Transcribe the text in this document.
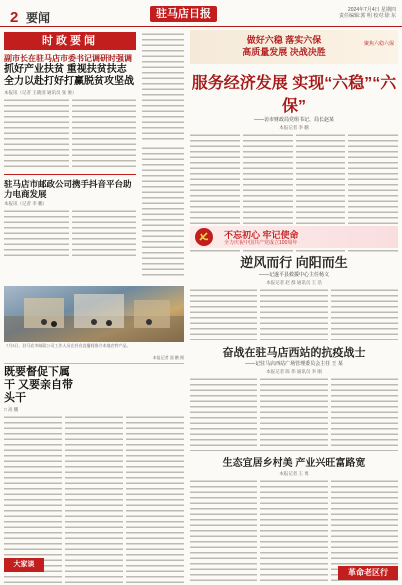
2 要闻	驻马店日报	2024年7月4日 星期四
责任编辑:郭 明 校对:徐 东
时政要闻
副市长在驻马店市委书记调研时强调
抓好产业扶贫 重视扶贫扶志 全力以赴打好打赢脱贫攻坚战
本报讯（记者 王晓清 通讯员 张 俊）
驻马店市邮政公司携手抖音平台助力电商发展
本报讯（记者 李 鹏）
7月3日，驻马店市邮政公司工作人员在抖音直播间推介本地农特产品。
本报记者 邵 鹏 摄
既要督促下属干 又要亲自带头干
□ 高 鹏
大家谈
做好六稳 落实六保
高质量发展 决战决胜
聚焦六稳六保
服务经济发展 实现“六稳”“六保”
——访市财政局党组书记、局长赵某
本报记者 李 鹏
不忘初心 牢记使命
全力庆祝中国共产党成立100周年
逆风而行 向阳而生
——记遂平县救援中心主任杨文
本报记者 赵 群 通讯员 王 浩
奋战在驻马店西站的抗疫战士
——记驻马店西站广场管理委员会主任 王 某
本报记者 陈 伟 通讯员 李 刚
生态宜居乡村美 产业兴旺富路宽
本报记者 王 勇
革命老区行
